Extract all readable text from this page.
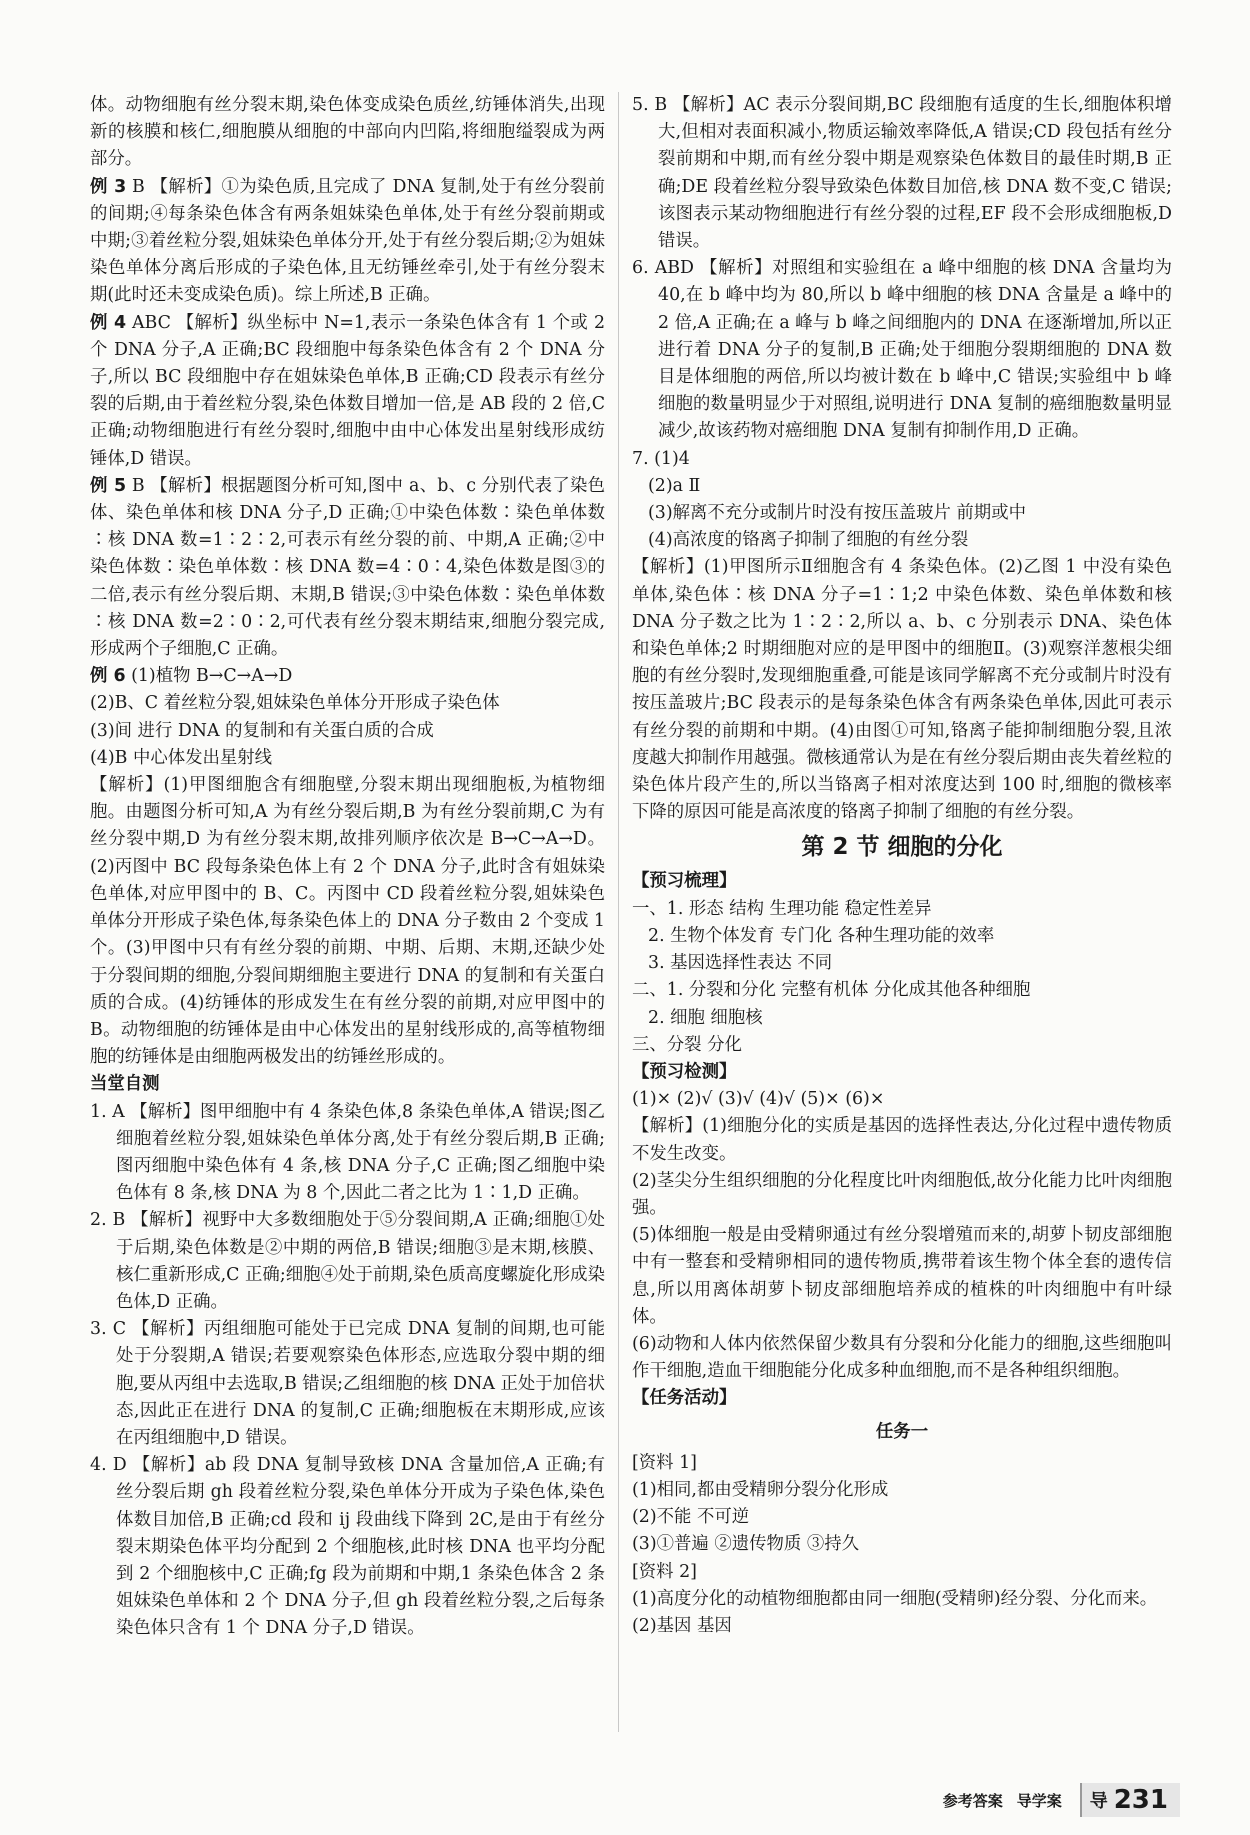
体。动物细胞有丝分裂末期,染色体变成染色质丝,纺锤体消失,出现新的核膜和核仁,细胞膜从细胞的中部向内凹陷,将细胞缢裂成为两部分。

例 3 B 【解析】①为染色质,且完成了 DNA 复制,处于有丝分裂前的间期;④每条染色体含有两条姐妹染色单体,处于有丝分裂前期或中期;③着丝粒分裂,姐妹染色单体分开,处于有丝分裂后期;②为姐妹染色单体分离后形成的子染色体,且无纺锤丝牵引,处于有丝分裂末期(此时还未变成染色质)。综上所述,B 正确。

例 4 ABC 【解析】纵坐标中 N=1,表示一条染色体含有 1 个或 2 个 DNA 分子,A 正确;BC 段细胞中每条染色体含有 2 个 DNA 分子,所以 BC 段细胞中存在姐妹染色单体,B 正确;CD 段表示有丝分裂的后期,由于着丝粒分裂,染色体数目增加一倍,是 AB 段的 2 倍,C 正确;动物细胞进行有丝分裂时,细胞中由中心体发出星射线形成纺锤体,D 错误。

例 5 B 【解析】根据题图分析可知,图中 a、b、c 分别代表了染色体、染色单体和核 DNA 分子,D 正确;①中染色体数∶染色单体数∶核 DNA 数=1∶2∶2,可表示有丝分裂的前、中期,A 正确;②中染色体数∶染色单体数∶核 DNA 数=4∶0∶4,染色体数是图③的二倍,表示有丝分裂后期、末期,B 错误;③中染色体数∶染色单体数∶核 DNA 数=2∶0∶2,可代表有丝分裂末期结束,细胞分裂完成,形成两个子细胞,C 正确。

例 6 (1)植物 B→C→A→D

(2)B、C 着丝粒分裂,姐妹染色单体分开形成子染色体

(3)间 进行 DNA 的复制和有关蛋白质的合成

(4)B 中心体发出星射线

【解析】(1)甲图细胞含有细胞壁,分裂末期出现细胞板,为植物细胞。由题图分析可知,A 为有丝分裂后期,B 为有丝分裂前期,C 为有丝分裂中期,D 为有丝分裂末期,故排列顺序依次是 B→C→A→D。(2)丙图中 BC 段每条染色体上有 2 个 DNA 分子,此时含有姐妹染色单体,对应甲图中的 B、C。丙图中 CD 段着丝粒分裂,姐妹染色单体分开形成子染色体,每条染色体上的 DNA 分子数由 2 个变成 1 个。(3)甲图中只有有丝分裂的前期、中期、后期、末期,还缺少处于分裂间期的细胞,分裂间期细胞主要进行 DNA 的复制和有关蛋白质的合成。(4)纺锤体的形成发生在有丝分裂的前期,对应甲图中的 B。动物细胞的纺锤体是由中心体发出的星射线形成的,高等植物细胞的纺锤体是由细胞两极发出的纺锤丝形成的。

当堂自测

1. A 【解析】图甲细胞中有 4 条染色体,8 条染色单体,A 错误;图乙细胞着丝粒分裂,姐妹染色单体分离,处于有丝分裂后期,B 正确;图丙细胞中染色体有 4 条,核 DNA 分子,C 正确;图乙细胞中染色体有 8 条,核 DNA 为 8 个,因此二者之比为 1∶1,D 正确。

2. B 【解析】视野中大多数细胞处于⑤分裂间期,A 正确;细胞①处于后期,染色体数是②中期的两倍,B 错误;细胞③是末期,核膜、核仁重新形成,C 正确;细胞④处于前期,染色质高度螺旋化形成染色体,D 正确。

3. C 【解析】丙组细胞可能处于已完成 DNA 复制的间期,也可能处于分裂期,A 错误;若要观察染色体形态,应选取分裂中期的细胞,要从丙组中去选取,B 错误;乙组细胞的核 DNA 正处于加倍状态,因此正在进行 DNA 的复制,C 正确;细胞板在末期形成,应该在丙组细胞中,D 错误。

4. D 【解析】ab 段 DNA 复制导致核 DNA 含量加倍,A 正确;有丝分裂后期 gh 段着丝粒分裂,染色单体分开成为子染色体,染色体数目加倍,B 正确;cd 段和 ij 段曲线下降到 2C,是由于有丝分裂末期染色体平均分配到 2 个细胞核,此时核 DNA 也平均分配到 2 个细胞核中,C 正确;fg 段为前期和中期,1 条染色体含 2 条姐妹染色单体和 2 个 DNA 分子,但 gh 段着丝粒分裂,之后每条染色体只含有 1 个 DNA 分子,D 错误。

5. B 【解析】AC 表示分裂间期,BC 段细胞有适度的生长,细胞体积增大,但相对表面积减小,物质运输效率降低,A 错误;CD 段包括有丝分裂前期和中期,而有丝分裂中期是观察染色体数目的最佳时期,B 正确;DE 段着丝粒分裂导致染色体数目加倍,核 DNA 数不变,C 错误;该图表示某动物细胞进行有丝分裂的过程,EF 段不会形成细胞板,D 错误。

6. ABD 【解析】对照组和实验组在 a 峰中细胞的核 DNA 含量均为 40,在 b 峰中均为 80,所以 b 峰中细胞的核 DNA 含量是 a 峰中的 2 倍,A 正确;在 a 峰与 b 峰之间细胞内的 DNA 在逐渐增加,所以正进行着 DNA 分子的复制,B 正确;处于细胞分裂期细胞的 DNA 数目是体细胞的两倍,所以均被计数在 b 峰中,C 错误;实验组中 b 峰细胞的数量明显少于对照组,说明进行 DNA 复制的癌细胞数量明显减少,故该药物对癌细胞 DNA 复制有抑制作用,D 正确。

7. (1)4

(2)a Ⅱ

(3)解离不充分或制片时没有按压盖玻片 前期或中

(4)高浓度的铬离子抑制了细胞的有丝分裂

【解析】(1)甲图所示Ⅱ细胞含有 4 条染色体。(2)乙图 1 中没有染色单体,染色体∶核 DNA 分子=1∶1;2 中染色体数、染色单体数和核 DNA 分子数之比为 1∶2∶2,所以 a、b、c 分别表示 DNA、染色体和染色单体;2 时期细胞对应的是甲图中的细胞Ⅱ。(3)观察洋葱根尖细胞的有丝分裂时,发现细胞重叠,可能是该同学解离不充分或制片时没有按压盖玻片;BC 段表示的是每条染色体含有两条染色单体,因此可表示有丝分裂的前期和中期。(4)由图①可知,铬离子能抑制细胞分裂,且浓度越大抑制作用越强。微核通常认为是在有丝分裂后期由丧失着丝粒的染色体片段产生的,所以当铬离子相对浓度达到 100 时,细胞的微核率下降的原因可能是高浓度的铬离子抑制了细胞的有丝分裂。

第 2 节 细胞的分化

【预习梳理】

一、1. 形态 结构 生理功能 稳定性差异

2. 生物个体发育 专门化 各种生理功能的效率

3. 基因选择性表达 不同

二、1. 分裂和分化 完整有机体 分化成其他各种细胞

2. 细胞 细胞核

三、分裂 分化

【预习检测】

(1)× (2)√ (3)√ (4)√ (5)× (6)×

【解析】(1)细胞分化的实质是基因的选择性表达,分化过程中遗传物质不发生改变。

(2)茎尖分生组织细胞的分化程度比叶肉细胞低,故分化能力比叶肉细胞强。

(5)体细胞一般是由受精卵通过有丝分裂增殖而来的,胡萝卜韧皮部细胞中有一整套和受精卵相同的遗传物质,携带着该生物个体全套的遗传信息,所以用离体胡萝卜韧皮部细胞培养成的植株的叶肉细胞中有叶绿体。

(6)动物和人体内依然保留少数具有分裂和分化能力的细胞,这些细胞叫作干细胞,造血干细胞能分化成多种血细胞,而不是各种组织细胞。

【任务活动】

任务一

[资料 1]

(1)相同,都由受精卵分裂分化形成

(2)不能 不可逆

(3)①普遍 ②遗传物质 ③持久

[资料 2]

(1)高度分化的动植物细胞都由同一细胞(受精卵)经分裂、分化而来。

(2)基因 基因

参考答案 导学案 导 231
